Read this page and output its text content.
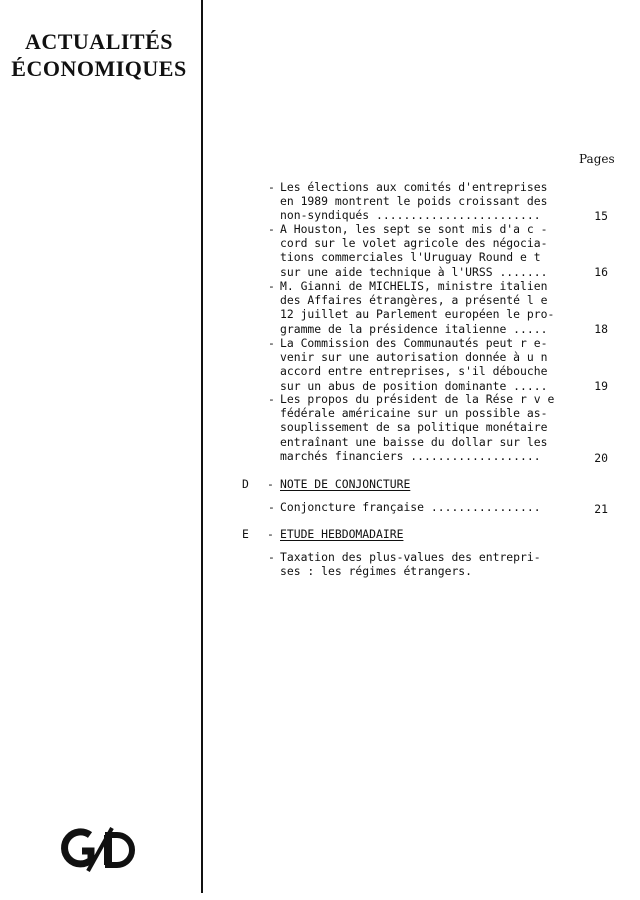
ACTUALITÉS
ÉCONOMIQUES
Pages
- Les élections aux comités d'entreprises
en 1989 montrent le poids croissant des
non-syndiqués ........................	15
- A Houston, les sept se sont mis d'a c -
cord sur le volet agricole des négocia-
tions commerciales l'Uruguay Round e t
sur une aide technique à l'URSS .......	16
- M. Gianni de MICHELIS, ministre italien
des Affaires étrangères, a présenté l e
12 juillet au Parlement européen le pro-
gramme de la présidence italienne .....	18
- La Commission des Communautés peut r e-
venir sur une autorisation donnée à u n
accord entre entreprises, s'il débouche
sur un abus de position dominante .....	19
- Les propos du président de la Rése r v e
fédérale américaine sur un possible as-
souplissement de sa politique monétaire
entraînant une baisse du dollar sur les
marchés financiers ...................	20
D - NOTE DE CONJONCTURE
- Conjoncture française ................	21
E - ETUDE HEBDOMADAIRE
- Taxation des plus-values des entrepri-
ses : les régimes étrangers.
